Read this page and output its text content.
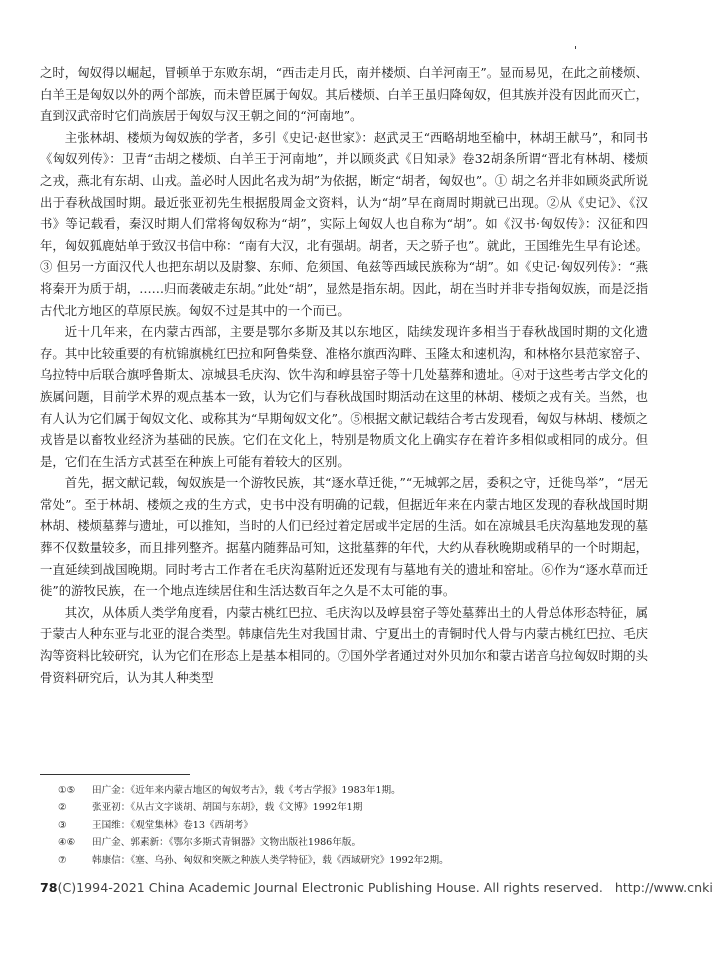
'

之时，匈奴得以崛起，冒顿单于东败东胡，“西击走月氏，南并楼烦、白羊河南王”。显而易见，在此之前楼烦、白羊王是匈奴以外的两个部族，而未曾臣属于匈奴。其后楼烦、白羊王虽归降匈奴，但其族并没有因此而灭亡，直到汉武帝时它们尚族居于匈奴与汉王朝之间的“河南地”。

主张林胡、楼烦为匈奴族的学者，多引《史记·赵世家》：赵武灵王“西略胡地至榆中，林胡王献马”，和同书《匈奴列传》：卫青“击胡之楼烦、白羊王于河南地”，并以顾炎武《日知录》卷32胡条所谓“晋北有林胡、楼烦之戎，燕北有东胡、山戎。盖必时人因此名戎为胡”为依据，断定“胡者，匈奴也”。① 胡之名并非如顾炎武所说出于春秋战国时期。最近张亚初先生根据殷周金文资料，认为“胡”早在商周时期就已出现。②从《史记》、《汉书》等记载看，秦汉时期人们常将匈奴称为“胡”，实际上匈奴人也自称为“胡”。如《汉书·匈奴传》：汉征和四年，匈奴狐鹿姑单于致汉书信中称：“南有大汉，北有强胡。胡者，天之骄子也”。就此，王国维先生早有论述。③ 但另一方面汉代人也把东胡以及尉黎、东师、危须国、龟兹等西域民族称为“胡”。如《史记·匈奴列传》：“燕将秦开为质于胡，……归而袭破走东胡。”此处“胡”，显然是指东胡。因此，胡在当时并非专指匈奴族，而是泛指古代北方地区的草原民族。匈奴不过是其中的一个而已。

近十几年来，在内蒙古西部，主要是鄂尔多斯及其以东地区，陆续发现许多相当于春秋战国时期的文化遗存。其中比较重要的有杭锦旗桃红巴拉和阿鲁柴登、准格尔旗西沟畔、玉隆太和速机沟，和林格尔县范家窑子、乌拉特中后联合旗呼鲁斯太、凉城县毛庆沟、饮牛沟和崞县窑子等十几处墓葬和遗址。④对于这些考古学文化的族属问题，目前学术界的观点基本一致，认为它们与春秋战国时期活动在这里的林胡、楼烦之戎有关。当然，也有人认为它们属于匈奴文化、或称其为“早期匈奴文化”。⑤根据文献记载结合考古发现看，匈奴与林胡、楼烦之戎皆是以畜牧业经济为基础的民族。它们在文化上，特别是物质文化上确实存在着许多相似或相同的成分。但是，它们在生活方式甚至在种族上可能有着较大的区别。

首先，据文献记载，匈奴族是一个游牧民族，其“逐水草迁徙，”“无城郭之居，委积之守，迁徙鸟举”，“居无常处”。至于林胡、楼烦之戎的生方式，史书中没有明确的记载，但据近年来在内蒙古地区发现的春秋战国时期林胡、楼烦墓葬与遗址，可以推知，当时的人们已经过着定居或半定居的生活。如在凉城县毛庆沟墓地发现的墓葬不仅数量较多，而且排列整齐。据墓内随葬品可知，这批墓葬的年代，大约从春秋晚期或稍早的一个时期起，一直延续到战国晚期。同时考古工作者在毛庆沟墓附近还发现有与墓地有关的遗址和窑址。⑥作为“逐水草而迁徙”的游牧民族，在一个地点连续居住和生活达数百年之久是不太可能的事。

其次，从体质人类学角度看，内蒙古桃红巴拉、毛庆沟以及崞县窑子等处墓葬出土的人骨总体形态特征，属于蒙古人种东亚与北亚的混合类型。韩康信先生对我国甘肃、宁夏出土的青铜时代人骨与内蒙古桃红巴拉、毛庆沟等资料比较研究，认为它们在形态上是基本相同的。⑦国外学者通过对外贝加尔和蒙古诺音乌拉匈奴时期的头骨资料研究后，认为其人种类型

①⑤ 田广金：《近年来内蒙古地区的匈奴考古》，载《考古学报》1983年1期。
②	张亚初：《从古文字谈胡、胡国与东胡》，载《文博》1992年1期
③	王国维：《观堂集林》卷13《西胡考》
④⑥ 田广金、郭素新：《鄂尔多斯式青铜器》文物出版社1986年版。
⑦	韩康信：《塞、乌孙、匈奴和突厥之种族人类学特征》，载《西域研究》1992年2期。
78(C)1994-2021 China Academic Journal Electronic Publishing House. All rights reserved. http://www.cnki
